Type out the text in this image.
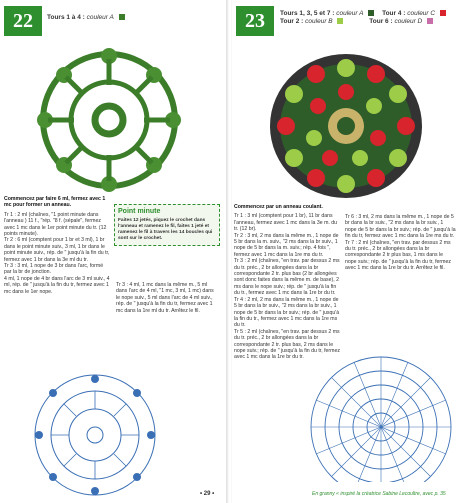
22	Tours 1 à 4 : couleur A
Commencez par faire 6 ml, fermez avec 1 mc pour former un anneau.
Tr 1 : 2 ml (chaînes, "1 point minute dans l'anneau ) 11 f., "rép. "8 f. (sépale", fermez avec 1 mc dans le 1er point minute du tr. (12 points minute).
Tr 2 : 6 ml (comptent pour 1 br et 3 ml), 1 br dans le point minute suiv., 3 ml, 1 br dans le point minute suiv., rép. de " jusqu'à la fin du tr, fermez avec 1 br dans la 3e ml du tr.
Tr 3 : 3 ml, 1 nope de 3 br dans l'arc, formé par la br de jonction.
4 ml, 1 nope de 4 br dans l'arc de 3 ml suiv., 4 ml, rép. de " jusqu'à la fin du tr, fermez avec 1 mc dans le 1er nope.
Point minute
Faites 12 jetés, piquez le crochet dans l'anneau et ramenez le fil, faites 1 jeté et ramenez le fil à travers les 14 boucles qui sont sur le crochet.
Tr 3 : 4 ml, 1 mc dans la même m., 5 ml dans l'arc de 4 ml, "1 mc, 3 ml, 1 mc) dans le nope suiv., 5 ml dans l'arc de 4 ml suiv., rép. de " jusqu'à la fin du tr, fermez avec 1 mc dans la 1re ml du tr. Arrêtez le fil.
• 29 •
23	Tours 1, 3, 5 et 7 : couleur A	Tour 4 : couleur C
Tour 2 : couleur B	Tour 6 : couleur D
Commencez par un anneau coulant.
Tr 1 : 3 ml (comptent pour 1 br), 11 br dans l'anneau, fermez avec 1 mc dans la 3e m. du tr. (12 br).
Tr 2 : 3 ml, 2 ms dans la même m., 1 nope de 5 br dans la m. suiv., "2 ms dans la br suiv., 1 nope de 5 br dans la m. suiv.; rép. 4 fois ", fermez avec 1 mc dans la 1re ms du tr.
Tr 3 : 2 ml (chaînes, "en trav. par dessus 2 ms du tr. préc., 2 br allongées dans la br correspondante 2 tr. plus bas (2 br allongées sont donc faites dans la même m. de base), 2 ms dans le nope suiv.; rép. de " jusqu'à la fin du tr., fermez avec 1 mc dans la 1re br du tr.
Tr 4 : 2 ml, 2 ms dans la même m., 1 nope de 5 br dans la br suiv., "2 ms dans la br suiv., 1 nope de 5 br dans la br suiv.; rép. de " jusqu'à la fin du tr., fermez avec 1 mc dans la 1re ms du tr.
Tr 5 : 2 ml (chaînes, "en trav. par dessus 2 ms du tr. préc., 2 br allongées dans la br correspondante 2 tr. plus bas, 2 ms dans le nope suiv.; rép. de " jusqu'à la fin du tr, fermez avec 1 mc dans la 1re br du tr.
Tr 6 : 3 ml, 2 ms dans la même m., 1 nope de 5 br dans la br suiv., "2 ms dans la br suiv., 1 nope de 5 br dans la br suiv.; rép. de " jusqu'à la fin du tr, fermez avec 1 mc dans la 1re ms du tr.
Tr 7 : 2 ml (chaînes, "en trav. par dessus 2 ms du tr. préc., 2 br allongées dans la br correspondante 2 tr plus bas, 1 ms dans le nope suiv.; rép. de " jusqu'à la fin du tr, fermez avec 1 mc dans la 1re br du tr. Arrêtez le fil.
En granny « inspiré la créatrice Sabine Lecoultre, avec p. 35
